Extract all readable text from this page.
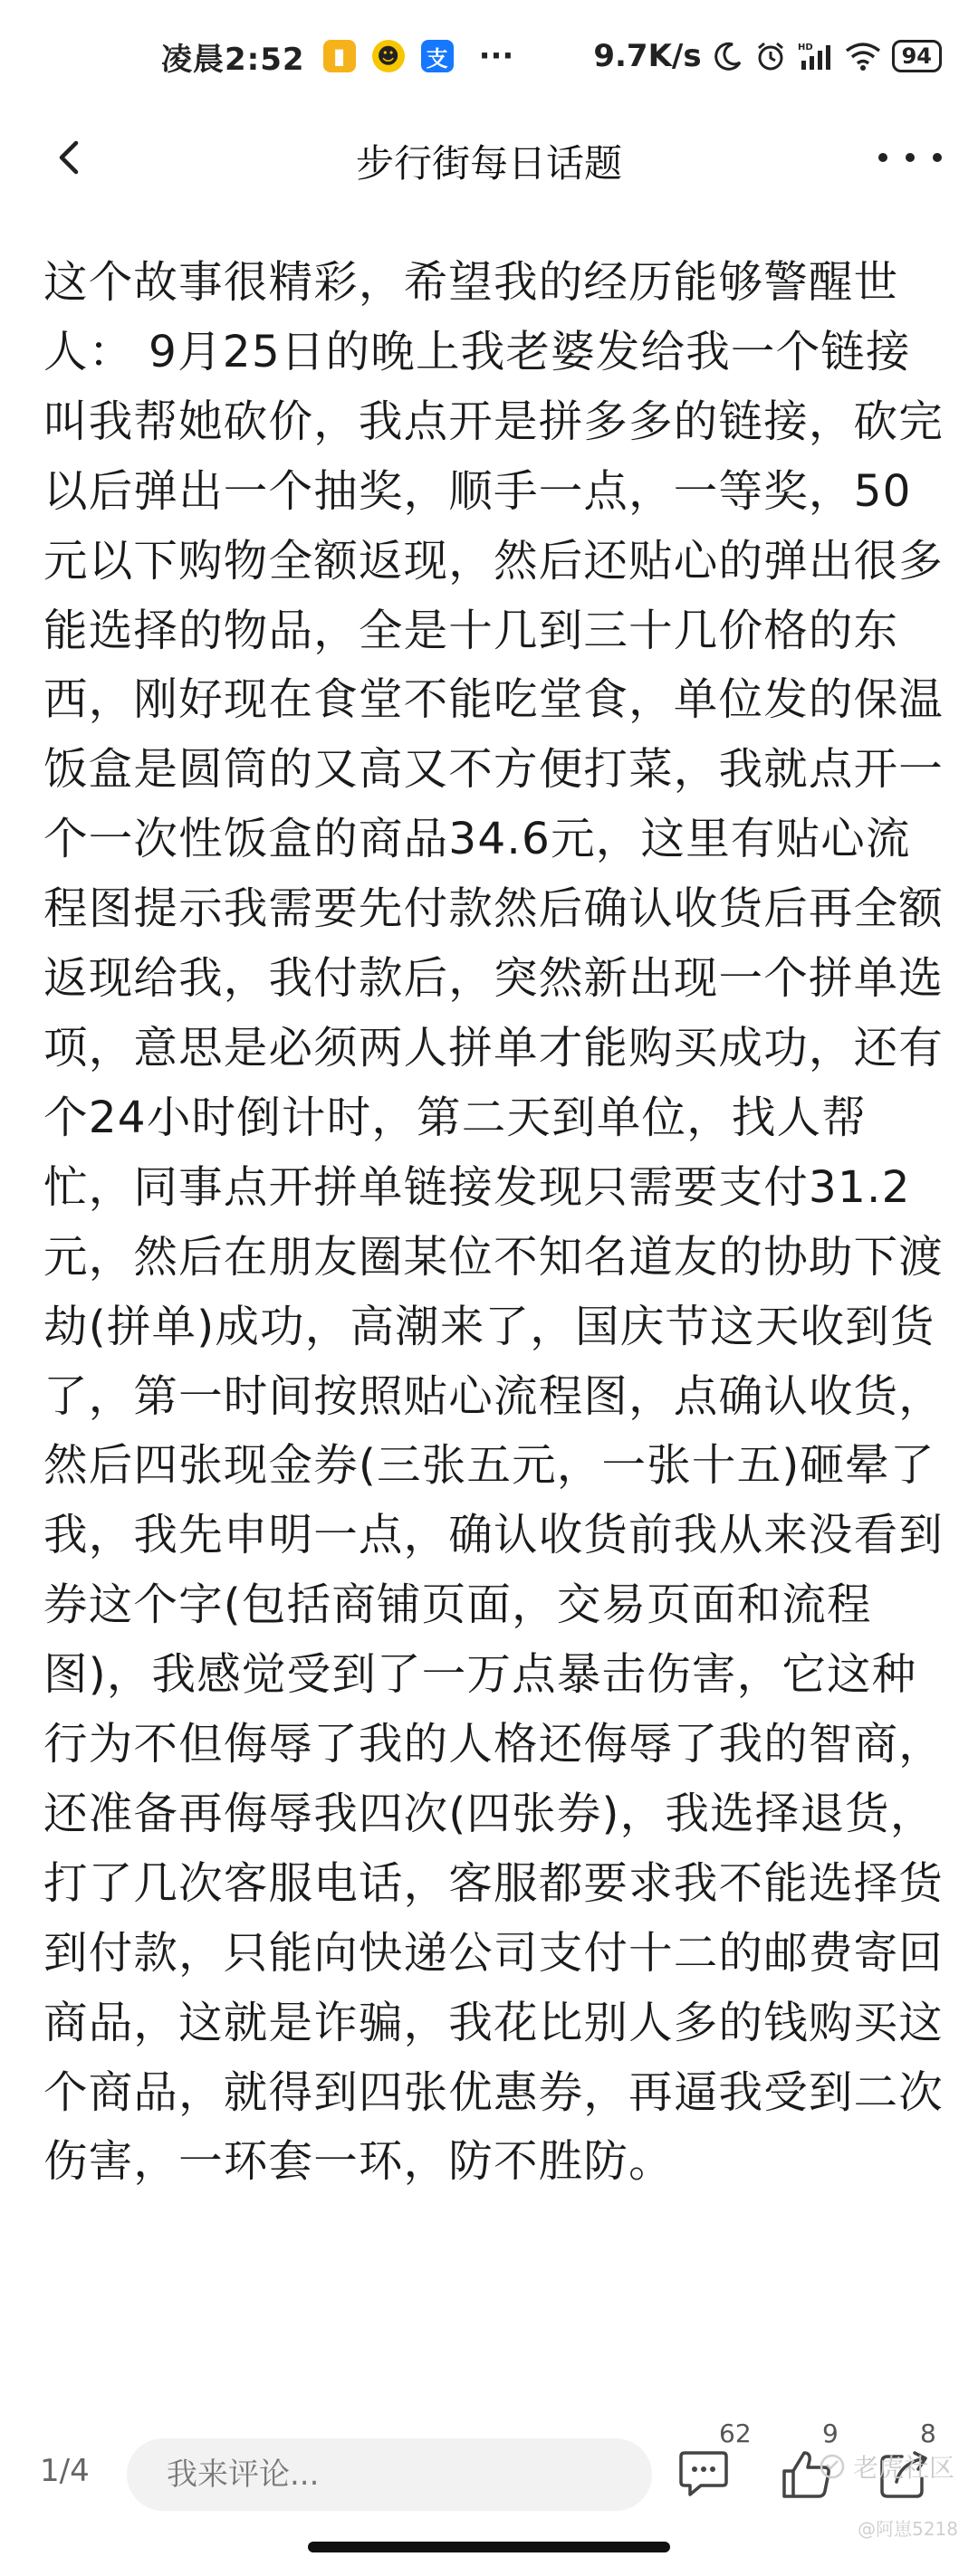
凌晨2:52	▮	☻ 支 ···	9.7K/s	HD	94
步行街每日话题
这个故事很精彩，希望我的经历能够警醒世人： 9月25日的晚上我老婆发给我一个链接叫我帮她砍价，我点开是拼多多的链接，砍完以后弹出一个抽奖，顺手一点，一等奖，50元以下购物全额返现，然后还贴心的弹出很多能选择的物品，全是十几到三十几价格的东西，刚好现在食堂不能吃堂食，单位发的保温饭盒是圆筒的又高又不方便打菜，我就点开一个一次性饭盒的商品34.6元，这里有贴心流程图提示我需要先付款然后确认收货后再全额返现给我，我付款后，突然新出现一个拼单选项，意思是必须两人拼单才能购买成功，还有个24小时倒计时，第二天到单位，找人帮忙，同事点开拼单链接发现只需要支付31.2元，然后在朋友圈某位不知名道友的协助下渡劫(拼单)成功，高潮来了，国庆节这天收到货了，第一时间按照贴心流程图，点确认收货，然后四张现金券(三张五元，一张十五)砸晕了我，我先申明一点，确认收货前我从来没看到券这个字(包括商铺页面，交易页面和流程图)，我感觉受到了一万点暴击伤害，它这种行为不但侮辱了我的人格还侮辱了我的智商，还准备再侮辱我四次(四张券)，我选择退货，打了几次客服电话，客服都要求我不能选择货到付款，只能向快递公司支付十二的邮费寄回商品，这就是诈骗，我花比别人多的钱购买这个商品，就得到四张优惠券，再逼我受到二次伤害，一环套一环，防不胜防。
1/4	我来评论...
62	9	8
老虎社区
@阿崽5218
